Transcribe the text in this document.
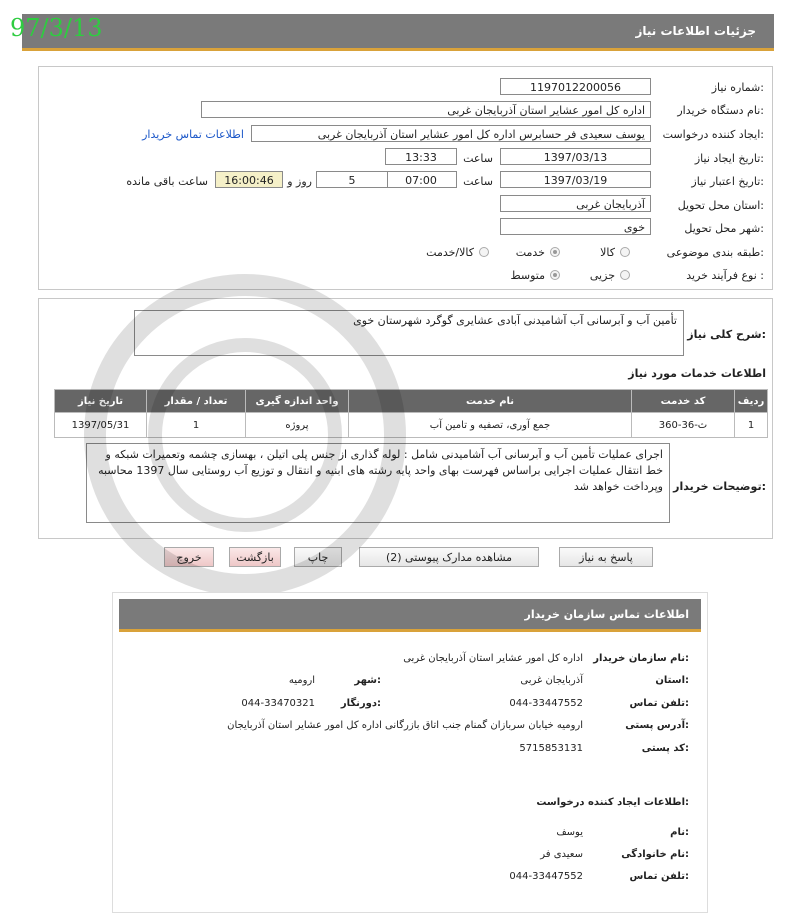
جزئیات اطلاعات نیاز
97/3/13
شماره نیاز:
1197012200056
نام دستگاه خریدار:
اداره کل امور عشایر استان آذربایجان غربی
ایجاد کننده درخواست:
یوسف سعیدی فر حسابرس اداره کل امور عشایر استان آذربایجان غربی
اطلاعات تماس خریدار
تاریخ ایجاد نیاز:
1397/03/13
ساعت
13:33
تاریخ اعتبار نیاز:
1397/03/19
ساعت
07:00
5
روز و
16:00:46
ساعت باقی مانده
استان محل تحویل:
آذربایجان غربی
شهر محل تحویل:
خوی
طبقه بندی موضوعی:
کالا
خدمت
کالا/خدمت
نوع فرآیند خرید :
جزیی
متوسط
شرح کلی نیاز:
تأمین آب و آبرسانی آب آشامیدنی آبادی عشایری گوگرد شهرستان خوی
اطلاعات خدمات مورد نیاز
ردیف	کد خدمت	نام خدمت	واحد اندازه گیری	تعداد / مقدار	تاریخ نیاز
1	ث-36-360	جمع آوری، تصفیه و تامین آب	پروژه	1	1397/05/31
توضیحات خریدار:
اجرای عملیات تأمین آب و آبرسانی آب آشامیدنی شامل : لوله گذاری از جنس پلی اتیلن ، بهسازی چشمه وتعمیرات شبکه و خط انتقال عملیات اجرایی براساس فهرست بهای واحد پایه رشته های ابنیه و انتقال و توزیع آب روستایی سال 1397 محاسبه وپرداخت خواهد شد
پاسخ به نیاز
مشاهده مدارک پیوستی (2)
چاپ
بازگشت
خروج
اطلاعات تماس سازمان خریدار
نام سازمان خریدار:
اداره کل امور عشایر استان آذربایجان غربی
استان:
آذربایجان غربی
شهر:
ارومیه
تلفن تماس:
044-33447552
دورنگار:
044-33470321
آدرس پستی:
ارومیه خیابان سربازان گمنام جنب اتاق بازرگانی اداره کل امور عشایر استان آذربایجان
کد پستی:
5715853131
اطلاعات ایجاد کننده درخواست:
نام:
یوسف
نام خانوادگی:
سعیدی فر
تلفن تماس:
044-33447552
